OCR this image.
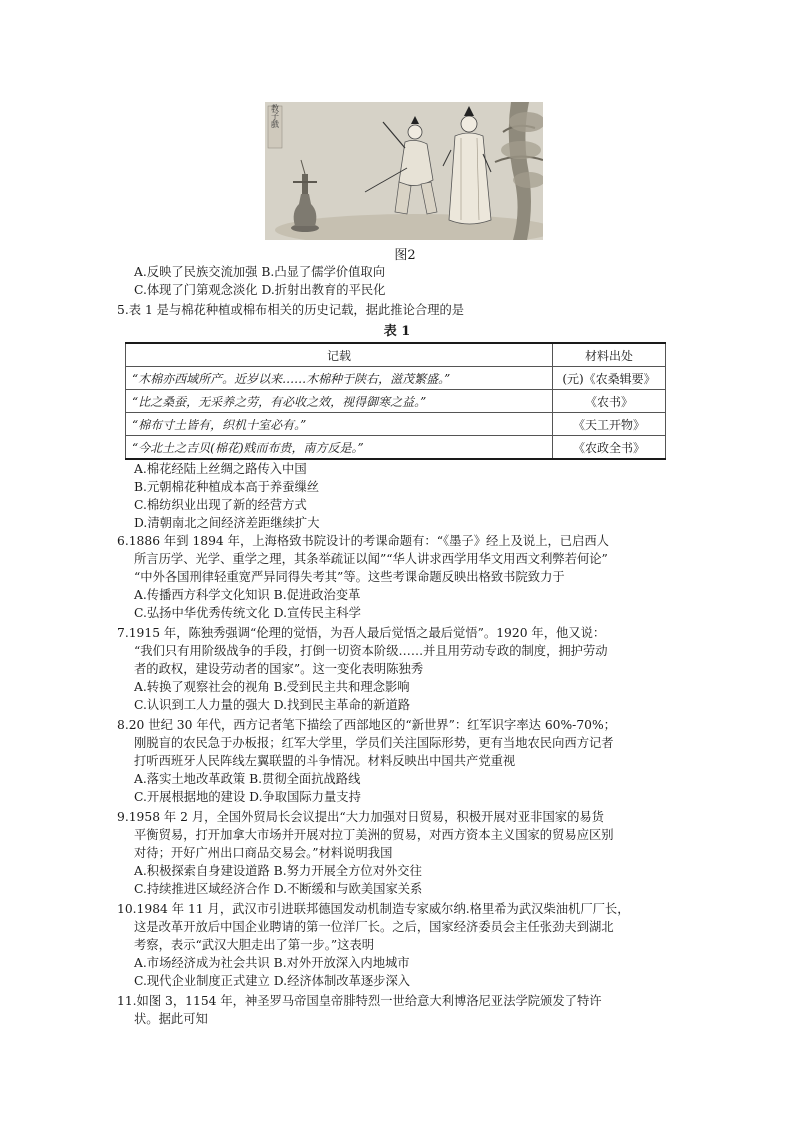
教子戲
图2
A.反映了民族交流加强 B.凸显了儒学价值取向
C.体现了门第观念淡化 D.折射出教育的平民化
5.表 1 是与棉花种植或棉布相关的历史记载，据此推论合理的是
表 1
记载	材料出处
“木棉亦西域所产。近岁以来……木棉种于陕右，滋茂繁盛。”	(元)《农桑辑要》
“比之桑蚕，无采养之劳，有必收之效，视得御寒之益。”	《农书》
“棉布寸土皆有，织机十室必有。”	《天工开物》
“今北土之吉贝(棉花)贱而布贵，南方反是。”	《农政全书》
A.棉花经陆上丝绸之路传入中国
B.元朝棉花种植成本高于养蚕缫丝
C.棉纺织业出现了新的经营方式
D.清朝南北之间经济差距继续扩大
6.1886 年到 1894 年，上海格致书院设计的考课命题有：“《墨子》经上及说上，已启西人
所言历学、光学、重学之理，其条举疏证以闻”“华人讲求西学用华文用西文利弊若何论”
“中外各国刑律轻重宽严异同得失考其”等。这些考课命题反映出格致书院致力于
A.传播西方科学文化知识 B.促进政治变革
C.弘扬中华优秀传统文化 D.宣传民主科学
7.1915 年，陈独秀强调“伦理的觉悟，为吾人最后觉悟之最后觉悟”。1920 年，他又说：
“我们只有用阶级战争的手段，打倒一切资本阶级……并且用劳动专政的制度，拥护劳动
者的政权，建设劳动者的国家”。这一变化表明陈独秀
A.转换了观察社会的视角 B.受到民主共和理念影响
C.认识到工人力量的强大 D.找到民主革命的新道路
8.20 世纪 30 年代，西方记者笔下描绘了西部地区的“新世界”：红军识字率达 60%-70%；
刚脱盲的农民急于办板报；红军大学里，学员们关注国际形势，更有当地农民向西方记者
打听西班牙人民阵线左翼联盟的斗争情况。材料反映出中国共产党重视
A.落实土地改革政策 B.贯彻全面抗战路线
C.开展根据地的建设 D.争取国际力量支持
9.1958 年 2 月，全国外贸局长会议提出“大力加强对日贸易，积极开展对亚非国家的易货
平衡贸易，打开加拿大市场并开展对拉丁美洲的贸易，对西方资本主义国家的贸易应区别
对待；开好广州出口商品交易会。”材料说明我国
A.积极探索自身建设道路 B.努力开展全方位对外交往
C.持续推进区域经济合作 D.不断缓和与欧美国家关系
10.1984 年 11 月，武汉市引进联邦德国发动机制造专家威尔纳.格里希为武汉柴油机厂厂长，
这是改革开放后中国企业聘请的第一位洋厂长。之后，国家经济委员会主任张劲夫到湖北
考察，表示“武汉大胆走出了第一步。”这表明
A.市场经济成为社会共识 B.对外开放深入内地城市
C.现代企业制度正式建立 D.经济体制改革逐步深入
11.如图 3，1154 年，神圣罗马帝国皇帝腓特烈一世给意大利博洛尼亚法学院颁发了特许
状。据此可知
